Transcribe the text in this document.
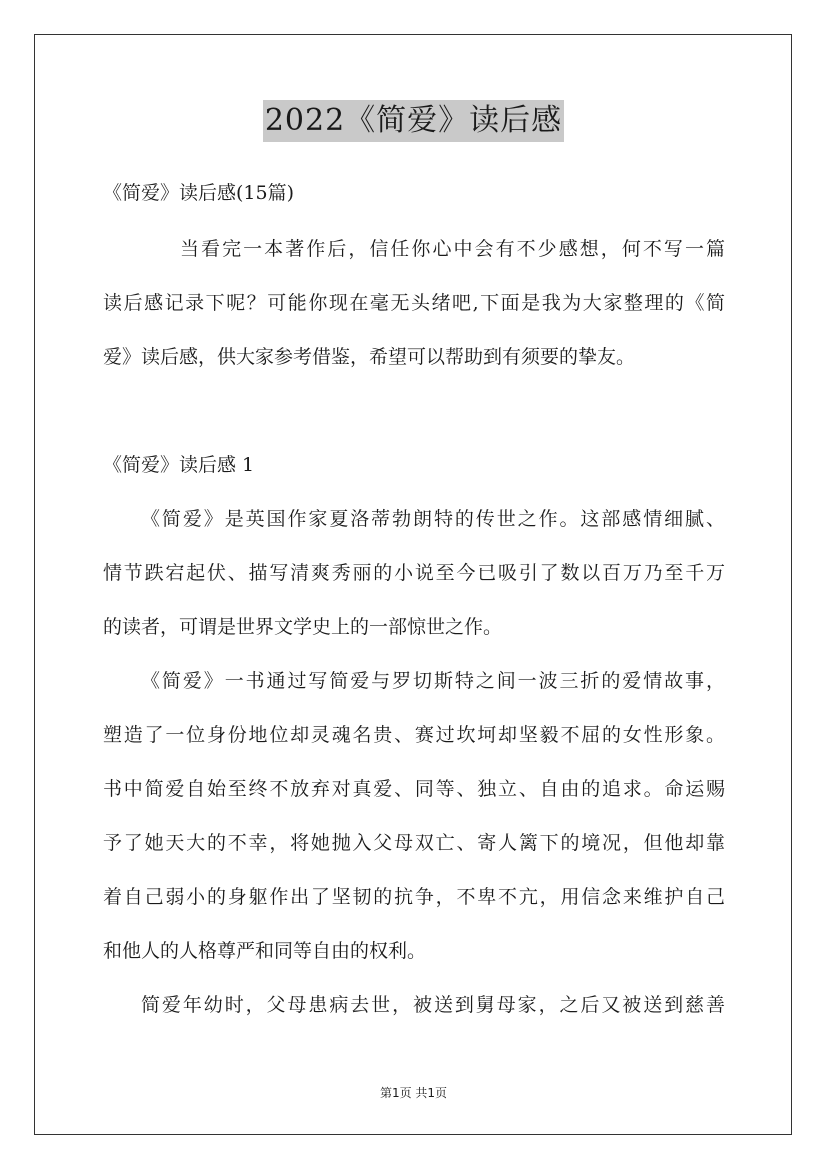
2022《简爱》读后感
《简爱》读后感(15篇)
当看完一本著作后，信任你心中会有不少感想，何不写一篇
读后感记录下呢？可能你现在毫无头绪吧,下面是我为大家整理的《简
爱》读后感，供大家参考借鉴，希望可以帮助到有须要的挚友。
《简爱》读后感 1
《简爱》是英国作家夏洛蒂勃朗特的传世之作。这部感情细腻、
情节跌宕起伏、描写清爽秀丽的小说至今已吸引了数以百万乃至千万
的读者，可谓是世界文学史上的一部惊世之作。
《简爱》一书通过写简爱与罗切斯特之间一波三折的爱情故事，
塑造了一位身份地位却灵魂名贵、赛过坎坷却坚毅不屈的女性形象。
书中简爱自始至终不放弃对真爱、同等、独立、自由的追求。命运赐
予了她天大的不幸，将她抛入父母双亡、寄人篱下的境况，但他却靠
着自己弱小的身躯作出了坚韧的抗争，不卑不亢，用信念来维护自己
和他人的人格尊严和同等自由的权利。
简爱年幼时，父母患病去世，被送到舅母家，之后又被送到慈善
第1页 共1页
